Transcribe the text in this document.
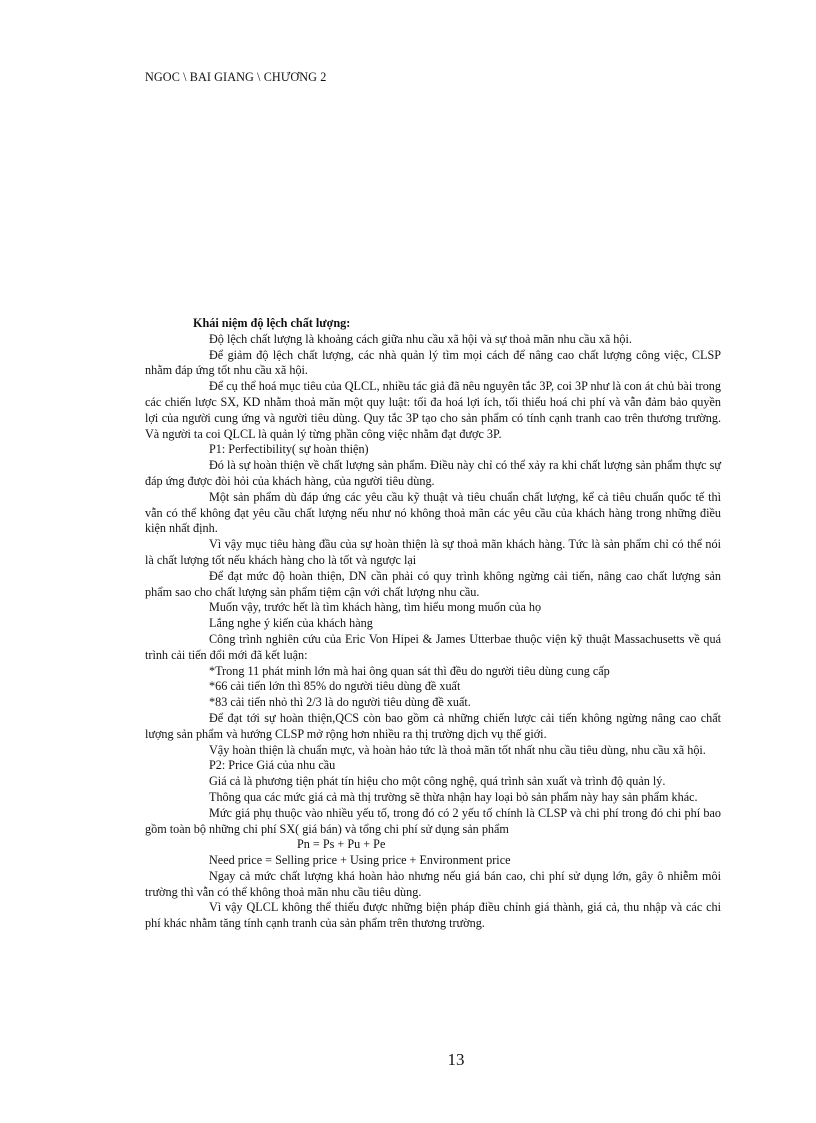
NGOC \ BAI GIANG \ CHƯƠNG 2
Khái niệm độ lệch chất lượng:

Độ lệch chất lượng là khoảng cách giữa nhu cầu xã hội và sự thoả mãn nhu cầu xã hội.

Để giảm độ lệch chất lượng, các nhà quản lý tìm mọi cách để nâng cao chất lượng công việc, CLSP nhằm đáp ứng tốt nhu cầu xã hội.

Để cụ thể hoá mục tiêu của QLCL, nhiều tác giả đã nêu nguyên tắc 3P, coi 3P như là con át chủ bài trong các chiến lược SX, KD nhằm thoả mãn một quy luật: tối đa hoá lợi ích, tối thiểu hoá chi phí và vẫn đảm bảo quyền lợi của người cung ứng và người tiêu dùng. Quy tắc 3P tạo cho sản phẩm có tính cạnh tranh cao trên thương trường. Và người ta coi QLCL là quản lý từng phần công việc nhằm đạt được 3P.

P1: Perfectibility( sự hoàn thiện)

Đó là sự hoàn thiện về chất lượng sản phẩm. Điều này chỉ có thể xảy ra khi chất lượng sản phẩm thực sự đáp ứng được đòi hỏi của khách hàng, của người tiêu dùng.

Một sản phẩm dù đáp ứng các yêu cầu kỹ thuật và tiêu chuẩn chất lượng, kể cả tiêu chuẩn quốc tế thì vẫn có thể không đạt yêu cầu chất lượng nếu như nó không thoả mãn các yêu cầu của khách hàng trong những điều kiện nhất định.

Vì vậy mục tiêu hàng đầu của sự hoàn thiện là sự thoả mãn khách hàng. Tức là sản phẩm chỉ có thể nói là chất lượng tốt nếu khách hàng cho là tốt và ngược lại

Để đạt mức độ hoàn thiện, DN cần phải có quy trình không ngừng cải tiến, nâng cao chất lượng sản phẩm sao cho chất lượng sản phẩm tiệm cận với chất lượng nhu cầu.

Muốn vậy, trước hết là tìm khách hàng, tìm hiểu mong muốn của họ

Lắng nghe ý kiến của khách hàng

Công trình nghiên cứu của Eric Von Hipei & James Utterbae thuộc viện kỹ thuật Massachusetts về quá trình cải tiến đổi mới đã kết luận:

*Trong 11 phát minh lớn mà hai ông quan sát thì đều do người tiêu dùng cung cấp

*66 cải tiến lớn thì 85% do người tiêu dùng đề xuất

*83 cải tiến nhỏ thì 2/3 là do người tiêu dùng đề xuất.

Để đạt tới sự hoàn thiện,QCS còn bao gồm cả những chiến lược cải tiến không ngừng nâng cao chất lượng sản phẩm và hướng CLSP mở rộng hơn nhiều ra thị trường dịch vụ thế giới.

Vậy hoàn thiện là chuẩn mực, và hoàn hảo tức là thoả mãn tốt nhất nhu cầu tiêu dùng, nhu cầu xã hội.

P2: Price Giá của nhu cầu

Giá cả là phương tiện phát tín hiệu cho một công nghệ, quá trình sản xuất và trình độ quản lý.

Thông qua các mức giá cả mà thị trường sẽ thừa nhận hay loại bỏ sản phẩm này hay sản phẩm khác.

Mức giá phụ thuộc vào nhiều yếu tố, trong đó có 2 yếu tố chính là CLSP và chi phí trong đó chi phí bao gồm toàn bộ những chi phí SX( giá bán) và tổng chi phí sử dụng sản phẩm

Pn = Ps + Pu + Pe

Need price = Selling price + Using price + Environment price

Ngay cả mức chất lượng khá hoàn hảo nhưng nếu giá bán cao, chi phí sử dụng lớn, gây ô nhiễm môi trường thì vẫn có thể không thoả mãn nhu cầu tiêu dùng.

Vì vậy QLCL không thể thiếu được những biện pháp điều chỉnh giá thành, giá cả, thu nhập và các chi phí khác nhằm tăng tính cạnh tranh của sản phẩm trên thương trường.

13
